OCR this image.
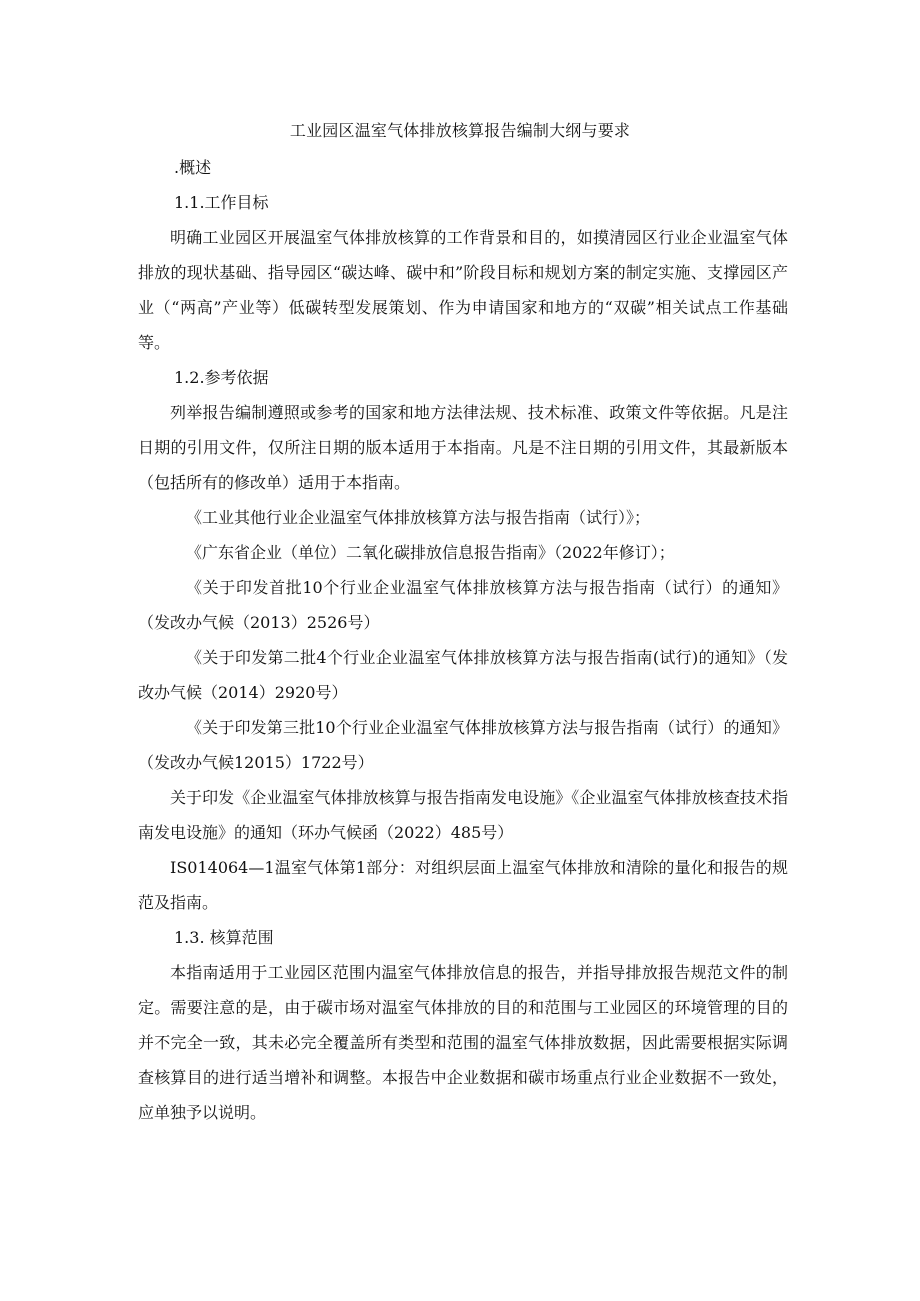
工业园区温室气体排放核算报告编制大纲与要求

.概述

1.1.工作目标

明确工业园区开展温室气体排放核算的工作背景和目的，如摸清园区行业企业温室气体排放的现状基础、指导园区“碳达峰、碳中和”阶段目标和规划方案的制定实施、支撑园区产业（“两高”产业等）低碳转型发展策划、作为申请国家和地方的“双碳”相关试点工作基础等。

1.2.参考依据

列举报告编制遵照或参考的国家和地方法律法规、技术标准、政策文件等依据。凡是注日期的引用文件，仅所注日期的版本适用于本指南。凡是不注日期的引用文件，其最新版本（包括所有的修改单）适用于本指南。

《工业其他行业企业温室气体排放核算方法与报告指南（试行）》；

《广东省企业（单位）二氧化碳排放信息报告指南》（2022年修订）；

《关于印发首批10个行业企业温室气体排放核算方法与报告指南（试行）的通知》（发改办气候（2013）2526号）

《关于印发第二批4个行业企业温室气体排放核算方法与报告指南(试行)的通知》（发改办气候（2014）2920号）

《关于印发第三批10个行业企业温室气体排放核算方法与报告指南（试行）的通知》（发改办气候12015）1722号）

关于印发《企业温室气体排放核算与报告指南发电设施》《企业温室气体排放核查技术指南发电设施》的通知（环办气候函（2022）485号）

IS014064—1温室气体第1部分：对组织层面上温室气体排放和清除的量化和报告的规范及指南。

1.3. 核算范围

本指南适用于工业园区范围内温室气体排放信息的报告，并指导排放报告规范文件的制定。需要注意的是，由于碳市场对温室气体排放的目的和范围与工业园区的环境管理的目的并不完全一致，其未必完全覆盖所有类型和范围的温室气体排放数据，因此需要根据实际调查核算目的进行适当增补和调整。本报告中企业数据和碳市场重点行业企业数据不一致处，应单独予以说明。
